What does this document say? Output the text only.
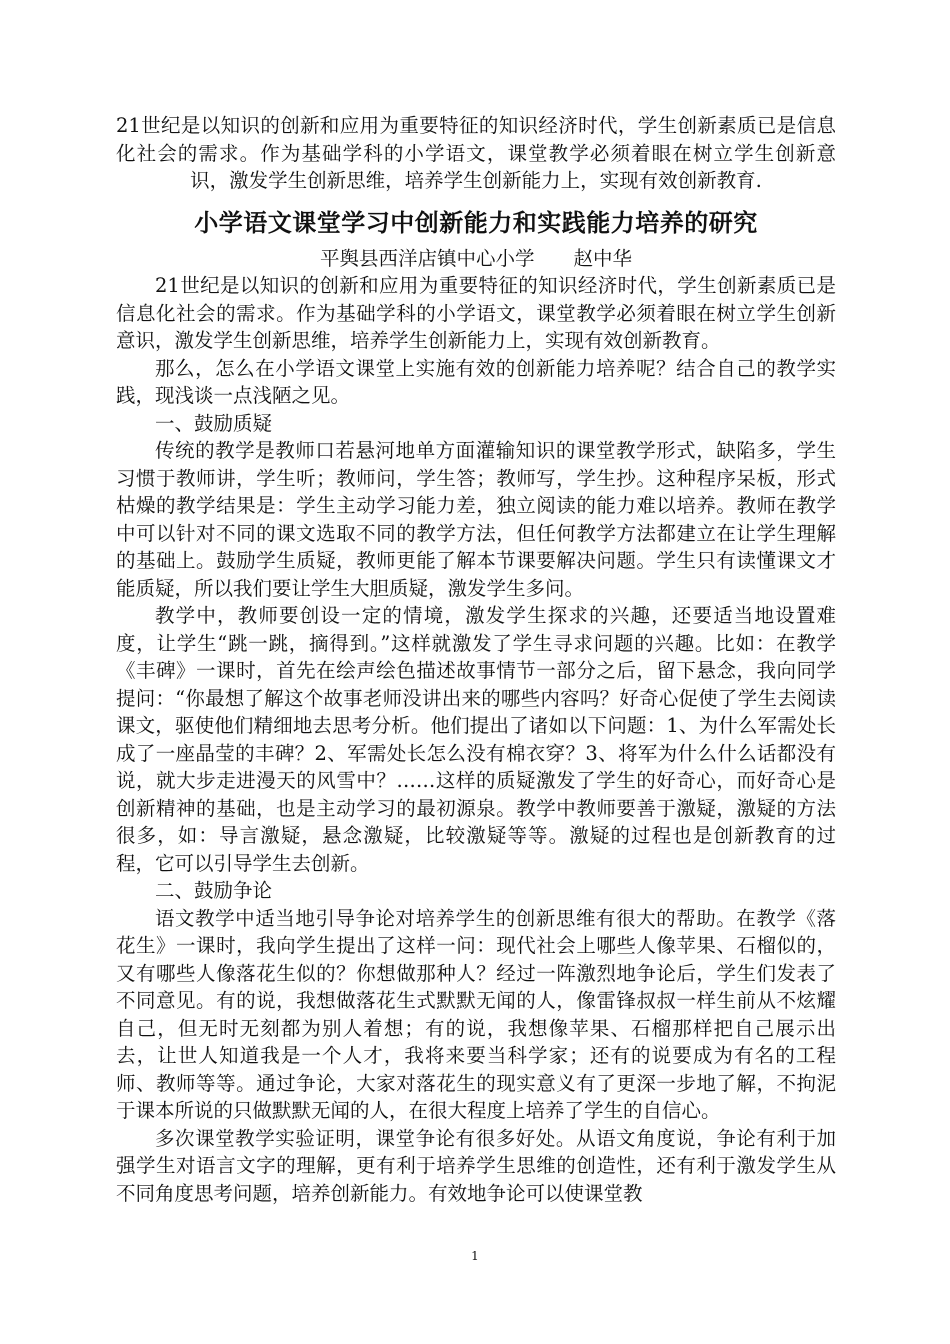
21世纪是以知识的创新和应用为重要特征的知识经济时代，学生创新素质已是信息化社会的需求。作为基础学科的小学语文，课堂教学必须着眼在树立学生创新意识，激发学生创新思维，培养学生创新能力上，实现有效创新教育.

小学语文课堂学习中创新能力和实践能力培养的研究

平舆县西洋店镇中心小学　　赵中华

21世纪是以知识的创新和应用为重要特征的知识经济时代，学生创新素质已是信息化社会的需求。作为基础学科的小学语文，课堂教学必须着眼在树立学生创新意识，激发学生创新思维，培养学生创新能力上，实现有效创新教育。

那么，怎么在小学语文课堂上实施有效的创新能力培养呢？结合自己的教学实践，现浅谈一点浅陋之见。

一、鼓励质疑

传统的教学是教师口若悬河地单方面灌输知识的课堂教学形式，缺陷多，学生习惯于教师讲，学生听；教师问，学生答；教师写，学生抄。这种程序呆板，形式枯燥的教学结果是：学生主动学习能力差，独立阅读的能力难以培养。教师在教学中可以针对不同的课文选取不同的教学方法，但任何教学方法都建立在让学生理解的基础上。鼓励学生质疑，教师更能了解本节课要解决问题。学生只有读懂课文才能质疑，所以我们要让学生大胆质疑，激发学生多问。

教学中，教师要创设一定的情境，激发学生探求的兴趣，还要适当地设置难度，让学生“跳一跳，摘得到。”这样就激发了学生寻求问题的兴趣。比如：在教学《丰碑》一课时，首先在绘声绘色描述故事情节一部分之后，留下悬念，我向同学提问：“你最想了解这个故事老师没讲出来的哪些内容吗？好奇心促使了学生去阅读课文，驱使他们精细地去思考分析。他们提出了诸如以下问题：1、为什么军需处长成了一座晶莹的丰碑？2、军需处长怎么没有棉衣穿？3、将军为什么什么话都没有说，就大步走进漫天的风雪中？……这样的质疑激发了学生的好奇心，而好奇心是创新精神的基础，也是主动学习的最初源泉。教学中教师要善于激疑，激疑的方法很多，如：导言激疑，悬念激疑，比较激疑等等。激疑的过程也是创新教育的过程，它可以引导学生去创新。

二、鼓励争论

语文教学中适当地引导争论对培养学生的创新思维有很大的帮助。在教学《落花生》一课时，我向学生提出了这样一问：现代社会上哪些人像苹果、石榴似的，又有哪些人像落花生似的？你想做那种人？经过一阵激烈地争论后，学生们发表了不同意见。有的说，我想做落花生式默默无闻的人，像雷锋叔叔一样生前从不炫耀自己，但无时无刻都为别人着想；有的说，我想像苹果、石榴那样把自己展示出去，让世人知道我是一个人才，我将来要当科学家；还有的说要成为有名的工程师、教师等等。通过争论，大家对落花生的现实意义有了更深一步地了解，不拘泥于课本所说的只做默默无闻的人，在很大程度上培养了学生的自信心。

多次课堂教学实验证明，课堂争论有很多好处。从语文角度说，争论有利于加强学生对语言文字的理解，更有利于培养学生思维的创造性，还有利于激发学生从不同角度思考问题，培养创新能力。有效地争论可以使课堂教

1
